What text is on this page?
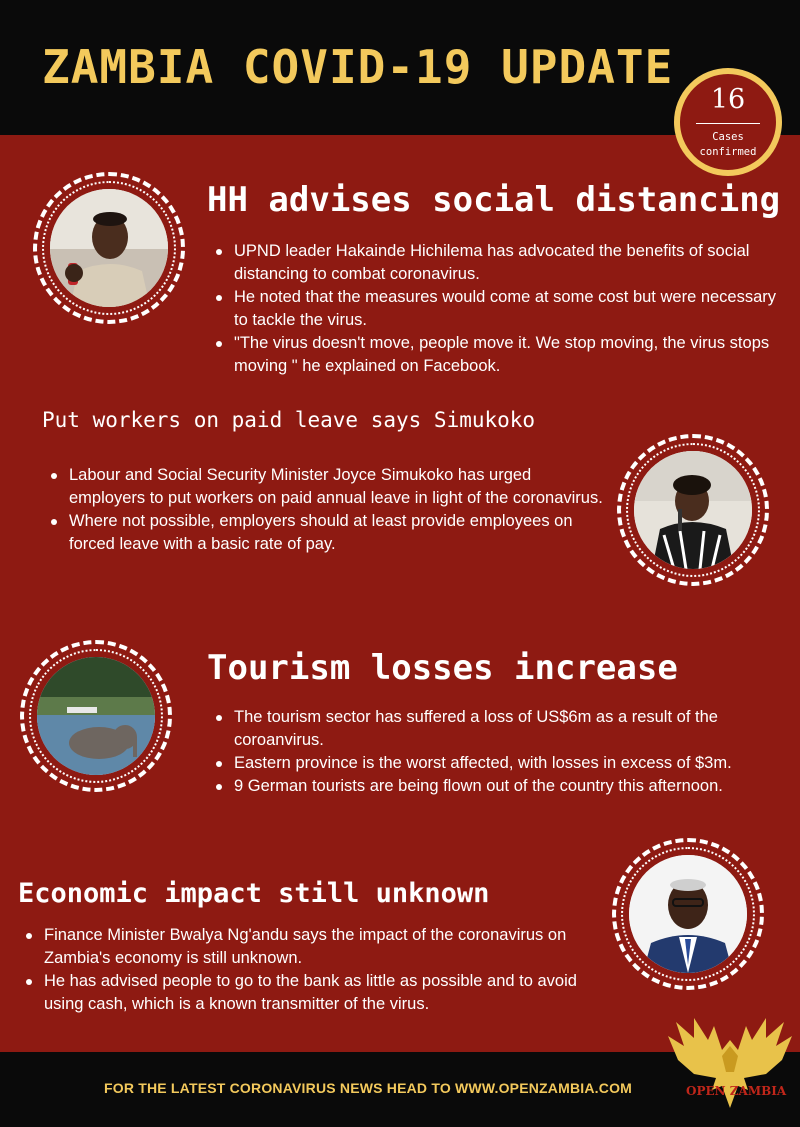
ZAMBIA COVID-19 UPDATE
16
Cases
confirmed
HH advises social distancing
UPND leader Hakainde Hichilema has advocated the benefits of social distancing to combat coronavirus.
He noted that the measures would come at some cost but were necessary to tackle the virus.
"The virus doesn't move, people move it. We stop moving, the virus stops moving " he explained on Facebook.
Put workers on paid leave says Simukoko
Labour and Social Security Minister Joyce Simukoko has urged employers to put workers on paid annual leave in light of the coronavirus.
Where not possible, employers should at least provide employees on forced leave with a basic rate of pay.
Tourism losses increase
The tourism sector has suffered a loss of US$6m as a result of the coroanvirus.
Eastern province is the worst affected, with losses in excess of $3m.
9 German tourists are being flown out of the country this afternoon.
Economic impact still unknown
Finance Minister Bwalya Ng'andu says the impact of the coronavirus on Zambia's economy is still unknown.
He has advised people to go to the bank as little as possible and to avoid using cash, which is a known transmitter of the virus.
FOR THE LATEST CORONAVIRUS NEWS HEAD TO WWW.OPENZAMBIA.COM	OPEN ZAMBIA
